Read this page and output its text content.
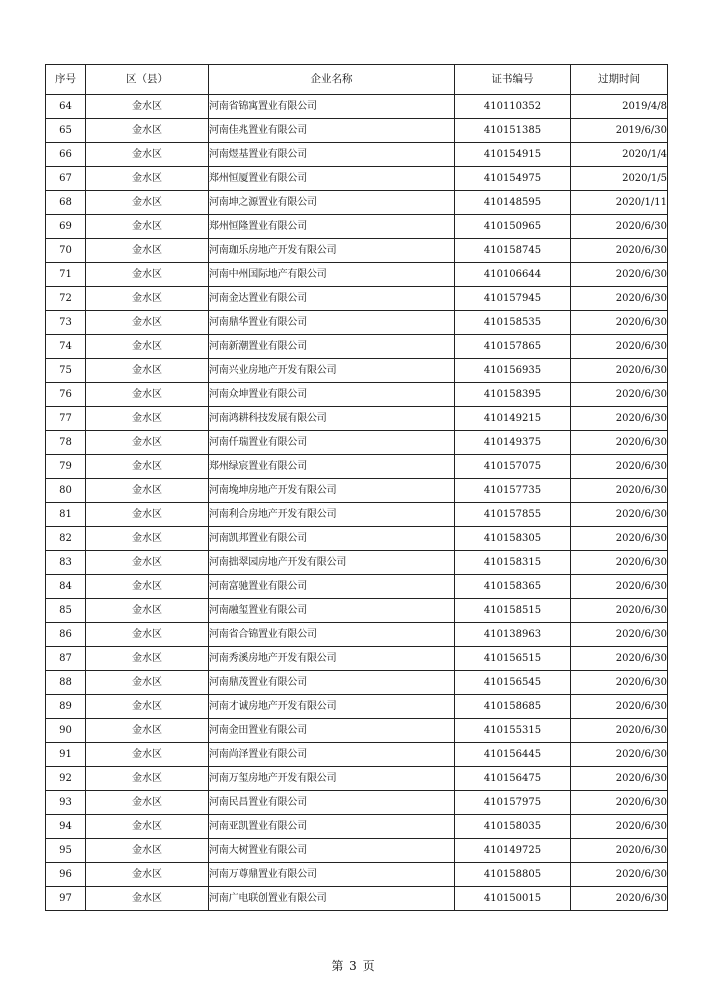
序号	区（县）	企业名称	证书编号	过期时间
64	金水区	河南省锦寓置业有限公司	410110352	2019/4/8
65	金水区	河南佳兆置业有限公司	410151385	2019/6/30
66	金水区	河南煜基置业有限公司	410154915	2020/1/4
67	金水区	郑州恒厦置业有限公司	410154975	2020/1/5
68	金水区	河南坤之源置业有限公司	410148595	2020/1/11
69	金水区	郑州恒隆置业有限公司	410150965	2020/6/30
70	金水区	河南珈乐房地产开发有限公司	410158745	2020/6/30
71	金水区	河南中州国际地产有限公司	410106644	2020/6/30
72	金水区	河南金达置业有限公司	410157945	2020/6/30
73	金水区	河南鼎华置业有限公司	410158535	2020/6/30
74	金水区	河南新潮置业有限公司	410157865	2020/6/30
75	金水区	河南兴业房地产开发有限公司	410156935	2020/6/30
76	金水区	河南众坤置业有限公司	410158395	2020/6/30
77	金水区	河南鸿耕科技发展有限公司	410149215	2020/6/30
78	金水区	河南仟瑞置业有限公司	410149375	2020/6/30
79	金水区	郑州绿宸置业有限公司	410157075	2020/6/30
80	金水区	河南堍坤房地产开发有限公司	410157735	2020/6/30
81	金水区	河南利合房地产开发有限公司	410157855	2020/6/30
82	金水区	河南凯邦置业有限公司	410158305	2020/6/30
83	金水区	河南拙翠园房地产开发有限公司	410158315	2020/6/30
84	金水区	河南富驰置业有限公司	410158365	2020/6/30
85	金水区	河南融玺置业有限公司	410158515	2020/6/30
86	金水区	河南省合锦置业有限公司	410138963	2020/6/30
87	金水区	河南秀溪房地产开发有限公司	410156515	2020/6/30
88	金水区	河南鼎茂置业有限公司	410156545	2020/6/30
89	金水区	河南才诚房地产开发有限公司	410158685	2020/6/30
90	金水区	河南金田置业有限公司	410155315	2020/6/30
91	金水区	河南尚泽置业有限公司	410156445	2020/6/30
92	金水区	河南万玺房地产开发有限公司	410156475	2020/6/30
93	金水区	河南民昌置业有限公司	410157975	2020/6/30
94	金水区	河南亚凯置业有限公司	410158035	2020/6/30
95	金水区	河南大树置业有限公司	410149725	2020/6/30
96	金水区	河南万尊鼎置业有限公司	410158805	2020/6/30
97	金水区	河南广电联创置业有限公司	410150015	2020/6/30
第 3 页
